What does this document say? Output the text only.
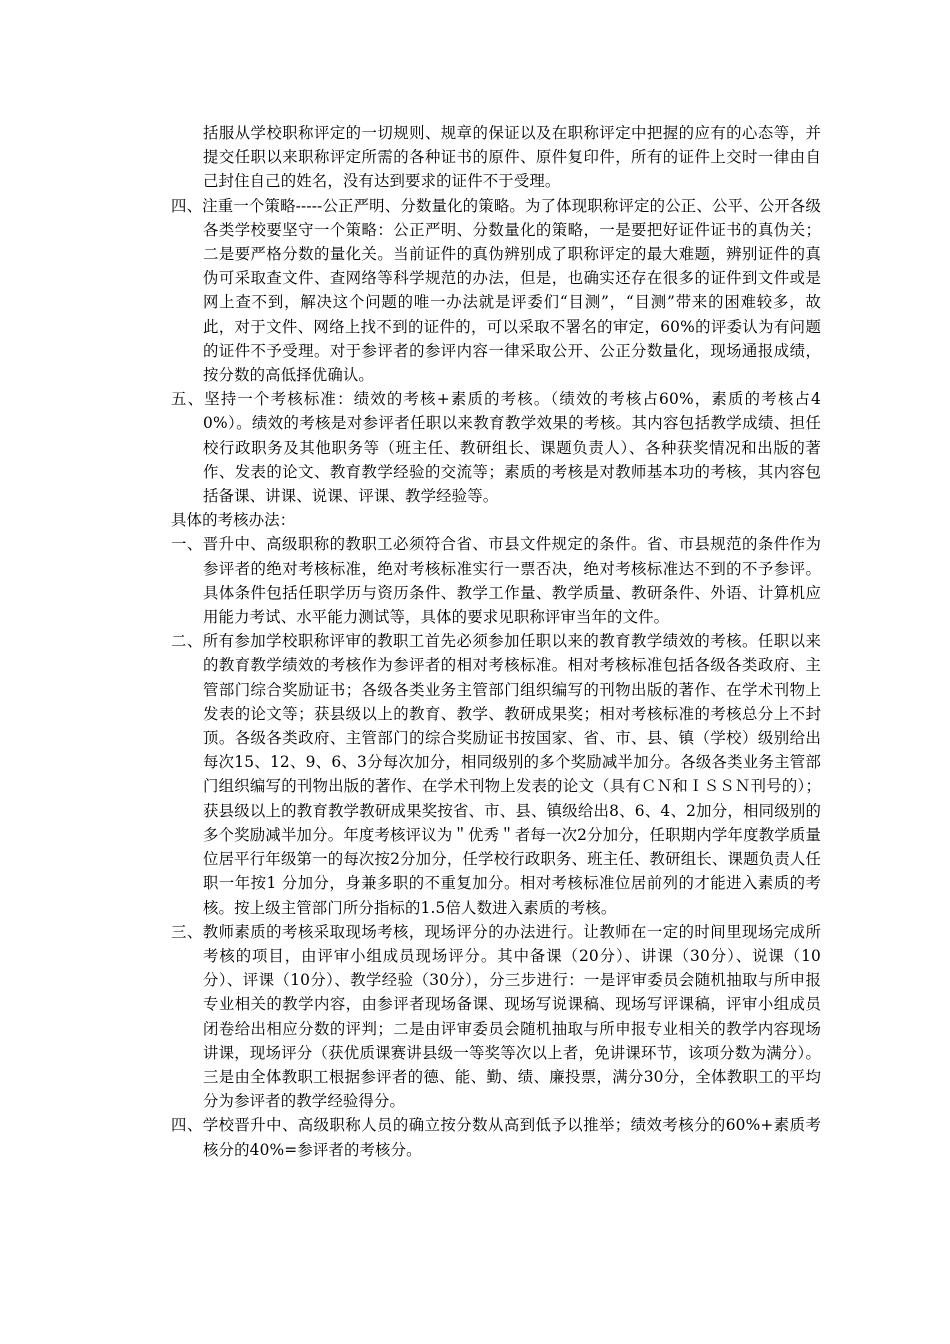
括服从学校职称评定的一切规则、规章的保证以及在职称评定中把握的应有的心态等，并提交任职以来职称评定所需的各种证书的原件、原件复印件，所有的证件上交时一律由自己封住自己的姓名，没有达到要求的证件不于受理。

四、注重一个策略-----公正严明、分数量化的策略。为了体现职称评定的公正、公平、公开各级各类学校要坚守一个策略：公正严明、分数量化的策略，一是要把好证件证书的真伪关；二是要严格分数的量化关。当前证件的真伪辨别成了职称评定的最大难题，辨别证件的真伪可采取查文件、查网络等科学规范的办法，但是，也确实还存在很多的证件到文件或是网上查不到，解决这个问题的唯一办法就是评委们“目测”，“目测”带来的困难较多，故此，对于文件、网络上找不到的证件的，可以采取不署名的审定，60%的评委认为有问题的证件不予受理。对于参评者的参评内容一律采取公开、公正分数量化，现场通报成绩，按分数的高低择优确认。

五、坚持一个考核标准：绩效的考核+素质的考核。（绩效的考核占60%，素质的考核占40%）。绩效的考核是对参评者任职以来教育教学效果的考核。其内容包括教学成绩、担任校行政职务及其他职务等（班主任、教研组长、课题负责人）、各种获奖情况和出版的著作、发表的论文、教育教学经验的交流等；素质的考核是对教师基本功的考核，其内容包括备课、讲课、说课、评课、教学经验等。

具体的考核办法：

一、晋升中、高级职称的教职工必须符合省、市县文件规定的条件。省、市县规范的条件作为参评者的绝对考核标准，绝对考核标准实行一票否决，绝对考核标准达不到的不予参评。具体条件包括任职学历与资历条件、教学工作量、教学质量、教研条件、外语、计算机应用能力考试、水平能力测试等，具体的要求见职称评审当年的文件。

二、所有参加学校职称评审的教职工首先必须参加任职以来的教育教学绩效的考核。任职以来的教育教学绩效的考核作为参评者的相对考核标准。相对考核标准包括各级各类政府、主管部门综合奖励证书；各级各类业务主管部门组织编写的刊物出版的著作、在学术刊物上发表的论文等；获县级以上的教育、教学、教研成果奖；相对考核标准的考核总分上不封顶。各级各类政府、主管部门的综合奖励证书按国家、省、市、县、镇（学校）级别给出每次15、12、9、6、3分每次加分，相同级别的多个奖励减半加分。各级各类业务主管部门组织编写的刊物出版的著作、在学术刊物上发表的论文（具有ＣＮ和ＩＳＳＮ刊号的）；获县级以上的教育教学教研成果奖按省、市、县、镇级给出8、6、4、2加分，相同级别的多个奖励减半加分。年度考核评议为＂优秀＂者每一次2分加分，任职期内学年度教学质量位居平行年级第一的每次按2分加分，任学校行政职务、班主任、教研组长、课题负责人任职一年按1 分加分，身兼多职的不重复加分。相对考核标准位居前列的才能进入素质的考核。按上级主管部门所分指标的1.5倍人数进入素质的考核。

三、教师素质的考核采取现场考核，现场评分的办法进行。让教师在一定的时间里现场完成所考核的项目，由评审小组成员现场评分。其中备课（20分）、讲课（30分）、说课（10分）、评课（10分）、教学经验（30分），分三步进行：一是评审委员会随机抽取与所申报专业相关的教学内容，由参评者现场备课、现场写说课稿、现场写评课稿，评审小组成员闭卷给出相应分数的评判；二是由评审委员会随机抽取与所申报专业相关的教学内容现场讲课，现场评分（获优质课赛讲县级一等奖等次以上者，免讲课环节，该项分数为满分）。三是由全体教职工根据参评者的德、能、勤、绩、廉投票，满分30分，全体教职工的平均分为参评者的教学经验得分。

四、学校晋升中、高级职称人员的确立按分数从高到低予以推举；绩效考核分的60%+素质考核分的40%=参评者的考核分。
